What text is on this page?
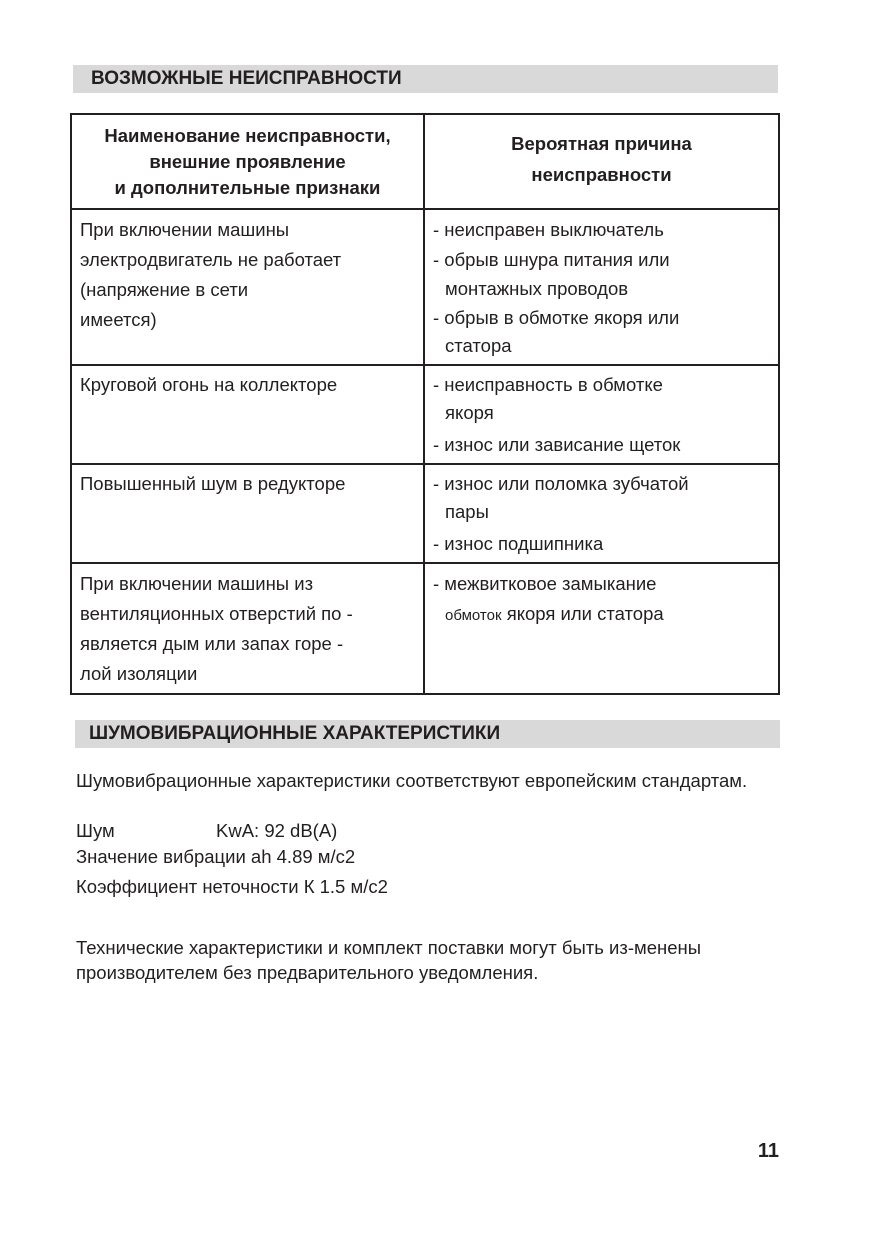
ВОЗМОЖНЫЕ НЕИСПРАВНОСТИ
Наименование неисправности,
внешние проявление
и дополнительные признаки	Вероятная причина
неисправности

При включении машины
электродвигатель не работает
(напряжение в сети
имеется)	- неисправен выключатель
- обрыв шнура питания или
монтажных проводов
- обрыв в обмотке якоря или
статора

Круговой огонь на коллекторе	- неисправность в обмотке
якоря
- износ или зависание щеток

Повышенный шум в редукторе	- износ или поломка зубчатой
пары
- износ подшипника

При включении машины из
вентиляционных отверстий по -
является дым или запах горе -
лой изоляции	- межвитковое замыкание
обмоток якоря или статора
ШУМОВИБРАЦИОННЫЕ ХАРАКТЕРИСТИКИ
Шумовибрационные характеристики соответствуют европейским стандартам.
Шум	KwA: 92 dB(A)
Значение вибрации ah 4.89 м/с2
Коэффициент неточности К 1.5 м/с2
Технические характеристики и комплект поставки могут быть из-менены производителем без предварительного уведомления.
11
